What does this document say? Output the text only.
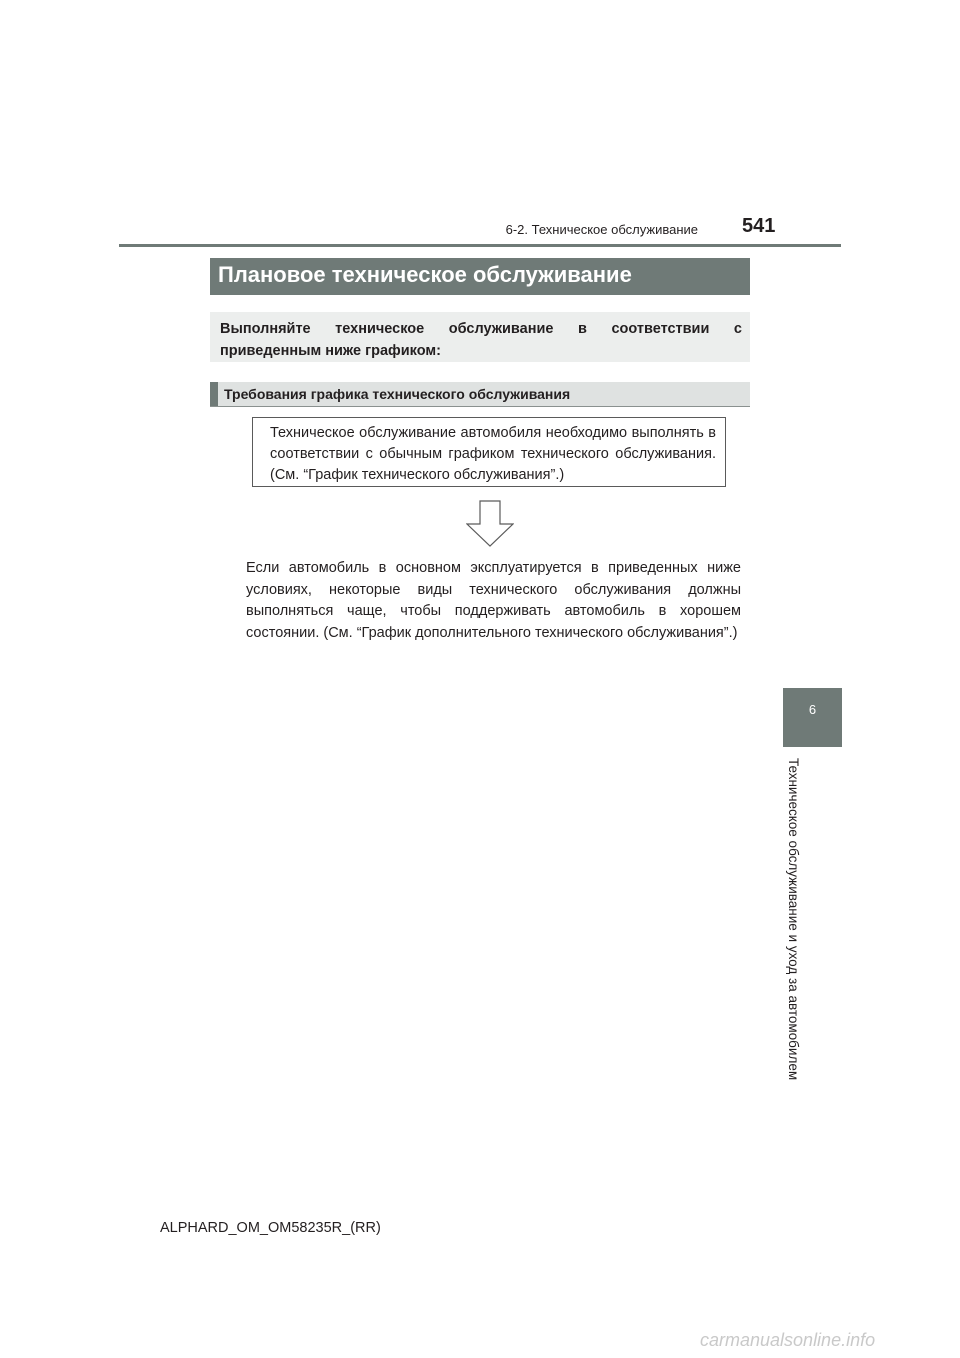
6-2. Техническое обслуживание 541
Плановое техническое обслуживание
Выполняйте техническое обслуживание в соответствии с приведенным ниже графиком:
Требования графика технического обслуживания
Техническое обслуживание автомобиля необходимо выполнять в соответствии с обычным графиком технического обслуживания. (См. “График технического обслуживания”.)
Если автомобиль в основном эксплуатируется в приведенных ниже условиях, некоторые виды технического обслуживания должны выполняться чаще, чтобы поддерживать автомобиль в хорошем состоянии. (См. “График дополнительного технического обслуживания”.)
6
Техническое обслуживание и уход за автомобилем
ALPHARD_OM_OM58235R_(RR)
carmanualsonline.info
